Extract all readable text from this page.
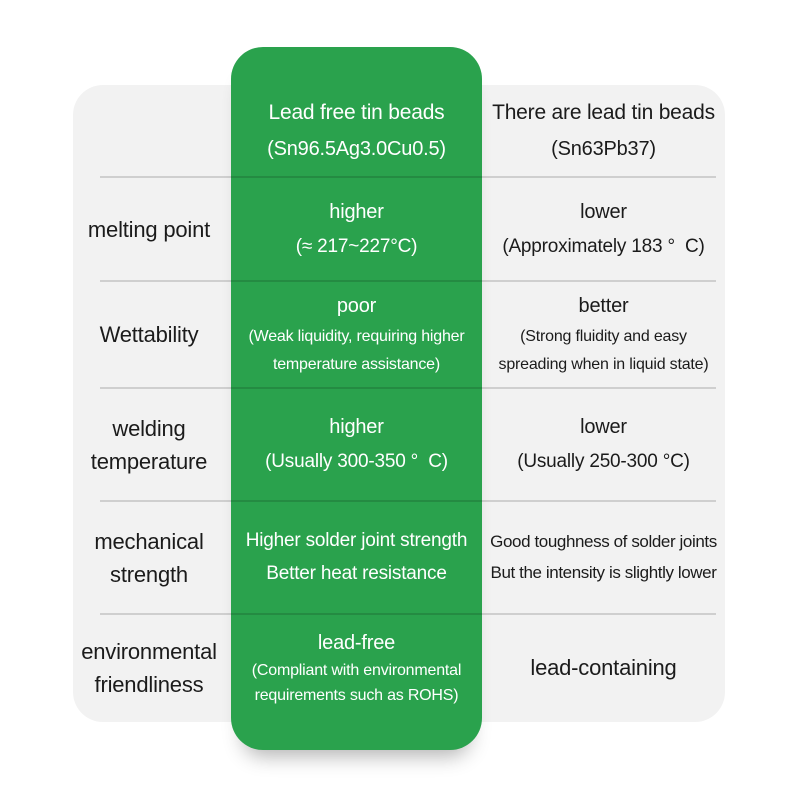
Lead free tin beads
(Sn96.5Ag3.0Cu0.5)
There are lead tin beads
(Sn63Pb37)
melting point
higher
(≈ 217~227°C)
lower
(Approximately 183 °  C)
Wettability
poor
(Weak liquidity, requiring higher
temperature assistance)
better
(Strong fluidity and easy
spreading when in liquid state)
welding
temperature
higher
(Usually 300-350 °  C)
lower
(Usually 250-300 °C)
mechanical
strength
Higher solder joint strength
Better heat resistance
Good toughness of solder joints
But the intensity is slightly lower
environmental
friendliness
lead-free
(Compliant with environmental
requirements such as ROHS)
lead-containing
